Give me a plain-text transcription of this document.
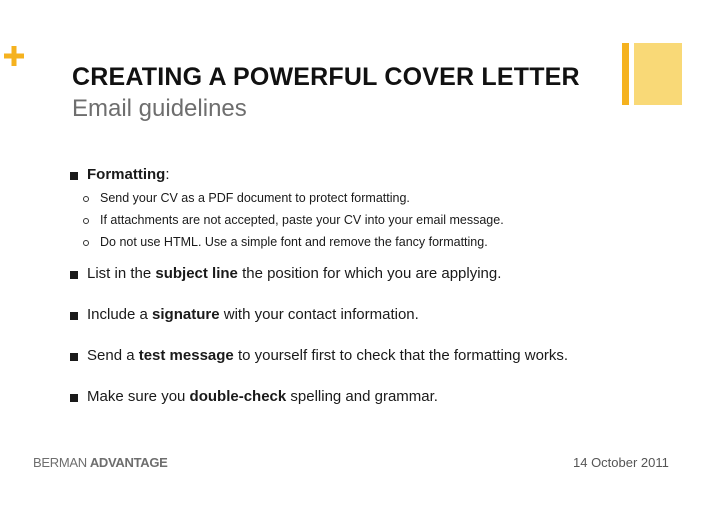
CREATING A POWERFUL COVER LETTER
Email guidelines
Formatting:
Send your CV as a PDF document to protect formatting.
If attachments are not accepted, paste your CV into your email message.
Do not use HTML. Use a simple font and remove the fancy formatting.
List in the subject line the position for which you are applying.
Include a signature with your contact information.
Send a test message to yourself first to check that the formatting works.
Make sure you double-check spelling and grammar.
BERMAN ADVANTAGE	14 October 2011
